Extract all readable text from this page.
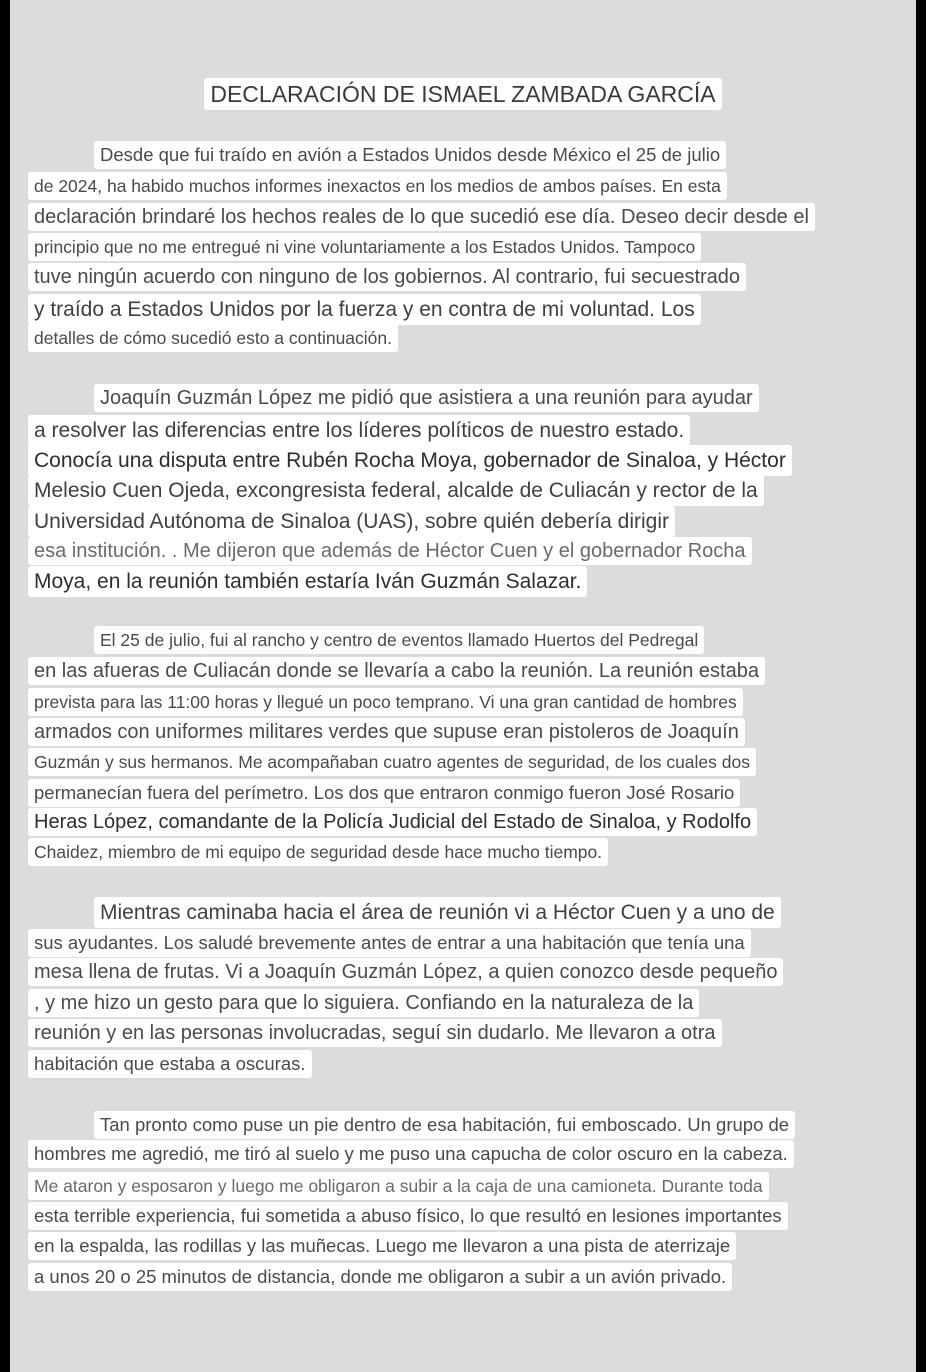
DECLARACIÓN DE ISMAEL ZAMBADA GARCÍA
Desde que fui traído en avión a Estados Unidos desde México el 25 de julio
de 2024, ha habido muchos informes inexactos en los medios de ambos países. En esta
declaración brindaré los hechos reales de lo que sucedió ese día. Deseo decir desde el
principio que no me entregué ni vine voluntariamente a los Estados Unidos. Tampoco
tuve ningún acuerdo con ninguno de los gobiernos. Al contrario, fui secuestrado
y traído a Estados Unidos por la fuerza y en contra de mi voluntad. Los
detalles de cómo sucedió esto a continuación.
Joaquín Guzmán López me pidió que asistiera a una reunión para ayudar
a resolver las diferencias entre los líderes políticos de nuestro estado.
Conocía una disputa entre Rubén Rocha Moya, gobernador de Sinaloa, y Héctor
Melesio Cuen Ojeda, excongresista federal, alcalde de Culiacán y rector de la
Universidad Autónoma de Sinaloa (UAS), sobre quién debería dirigir
esa institución. . Me dijeron que además de Héctor Cuen y el gobernador Rocha
Moya, en la reunión también estaría Iván Guzmán Salazar.
El 25 de julio, fui al rancho y centro de eventos llamado Huertos del Pedregal
en las afueras de Culiacán donde se llevaría a cabo la reunión. La reunión estaba
prevista para las 11:00 horas y llegué un poco temprano. Vi una gran cantidad de hombres
armados con uniformes militares verdes que supuse eran pistoleros de Joaquín
Guzmán y sus hermanos. Me acompañaban cuatro agentes de seguridad, de los cuales dos
permanecían fuera del perímetro. Los dos que entraron conmigo fueron José Rosario
Heras López, comandante de la Policía Judicial del Estado de Sinaloa, y Rodolfo
Chaidez, miembro de mi equipo de seguridad desde hace mucho tiempo.
Mientras caminaba hacia el área de reunión vi a Héctor Cuen y a uno de
sus ayudantes. Los saludé brevemente antes de entrar a una habitación que tenía una
mesa llena de frutas. Vi a Joaquín Guzmán López, a quien conozco desde pequeño
, y me hizo un gesto para que lo siguiera. Confiando en la naturaleza de la
reunión y en las personas involucradas, seguí sin dudarlo. Me llevaron a otra
habitación que estaba a oscuras.
Tan pronto como puse un pie dentro de esa habitación, fui emboscado. Un grupo de
hombres me agredió, me tiró al suelo y me puso una capucha de color oscuro en la cabeza.
Me ataron y esposaron y luego me obligaron a subir a la caja de una camioneta. Durante toda
esta terrible experiencia, fui sometida a abuso físico, lo que resultó en lesiones importantes
en la espalda, las rodillas y las muñecas. Luego me llevaron a una pista de aterrizaje
a unos 20 o 25 minutos de distancia, donde me obligaron a subir a un avión privado.
